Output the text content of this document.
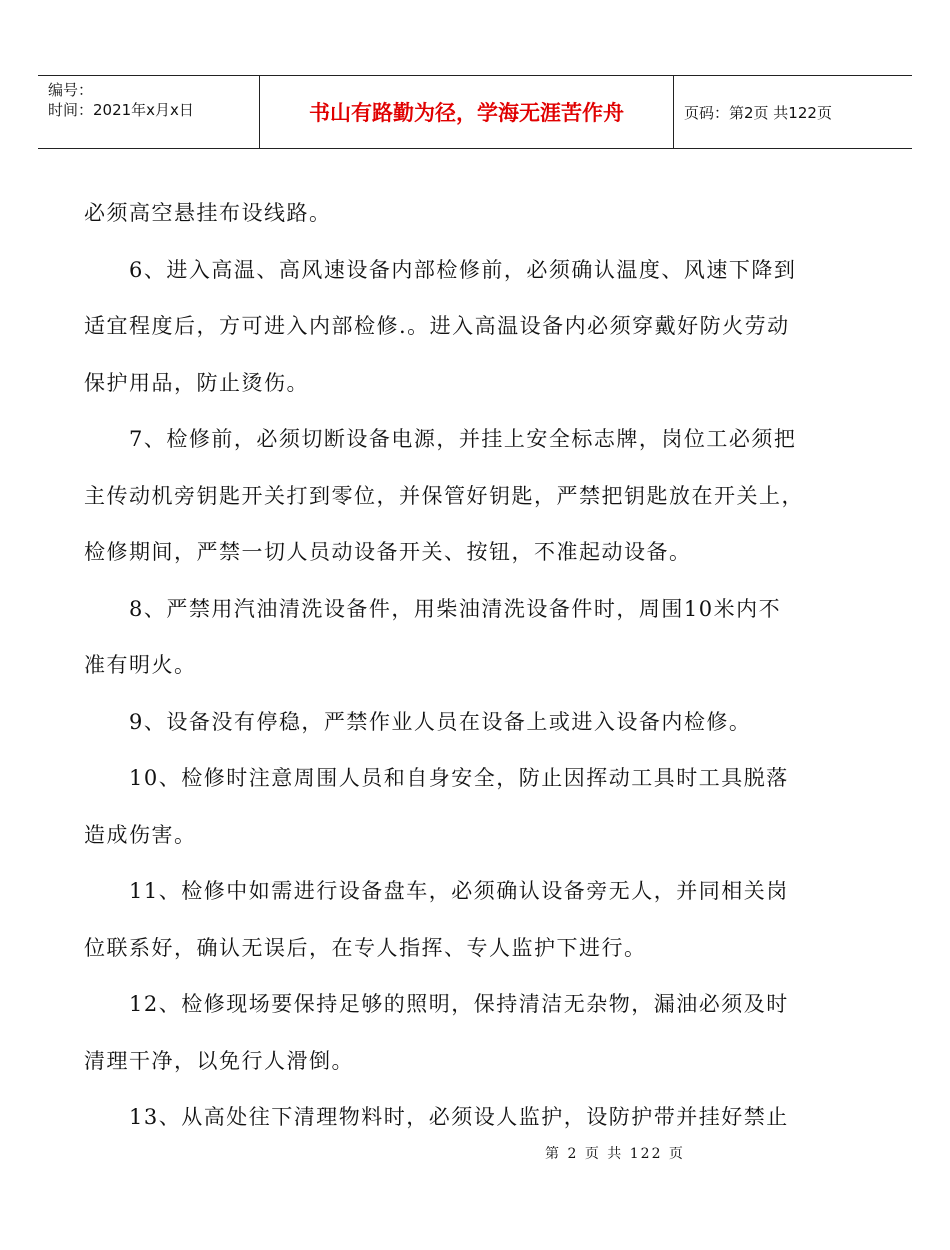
编号：
时间：2021年x月x日	书山有路勤为径，学海无涯苦作舟	页码：第2页 共122页

必须高空悬挂布设线路。

　　6、进入高温、高风速设备内部检修前，必须确认温度、风速下降到

适宜程度后，方可进入内部检修.。进入高温设备内必须穿戴好防火劳动

保护用品，防止烫伤。

　　7、检修前，必须切断设备电源，并挂上安全标志牌，岗位工必须把

主传动机旁钥匙开关打到零位，并保管好钥匙，严禁把钥匙放在开关上，

检修期间，严禁一切人员动设备开关、按钮，不准起动设备。

　　8、严禁用汽油清洗设备件，用柴油清洗设备件时，周围10米内不

准有明火。

　　9、设备没有停稳，严禁作业人员在设备上或进入设备内检修。

　　10、检修时注意周围人员和自身安全，防止因挥动工具时工具脱落

造成伤害。

　　11、检修中如需进行设备盘车，必须确认设备旁无人，并同相关岗

位联系好，确认无误后，在专人指挥、专人监护下进行。

　　12、检修现场要保持足够的照明，保持清洁无杂物，漏油必须及时

清理干净，以免行人滑倒。

　　13、从高处往下清理物料时，必须设人监护，设防护带并挂好禁止

第 2 页 共 122 页
